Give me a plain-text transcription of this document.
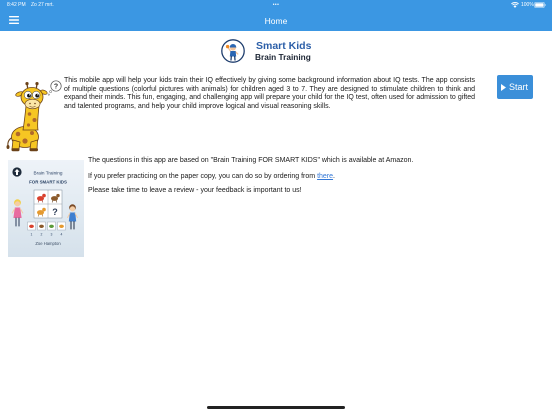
8:42 PM Zo 27 mrt.	•••	100%
Home
Smart Kids
Brain Training
?

This mobile app will help your kids train their IQ effectively by giving some background information about IQ tests. The app consists of multiple questions (colorful pictures with animals) for children aged 3 to 7. They are designed to stimulate children to think and expand their minds. This fun, engaging, and challenging app will prepare your child for the IQ test, often used for admission to gifted and talented programs, and help your child improve logical and visual reasoning skills.

Start
Brain Training
FOR SMART KIDS
?
1 2 3 4
Zoe Hampton

The questions in this app are based on "Brain Training FOR SMART KIDS" which is available at Amazon.

If you prefer practicing on the paper copy, you can do so by ordering from there.

Please take time to leave a review - your feedback is important to us!
